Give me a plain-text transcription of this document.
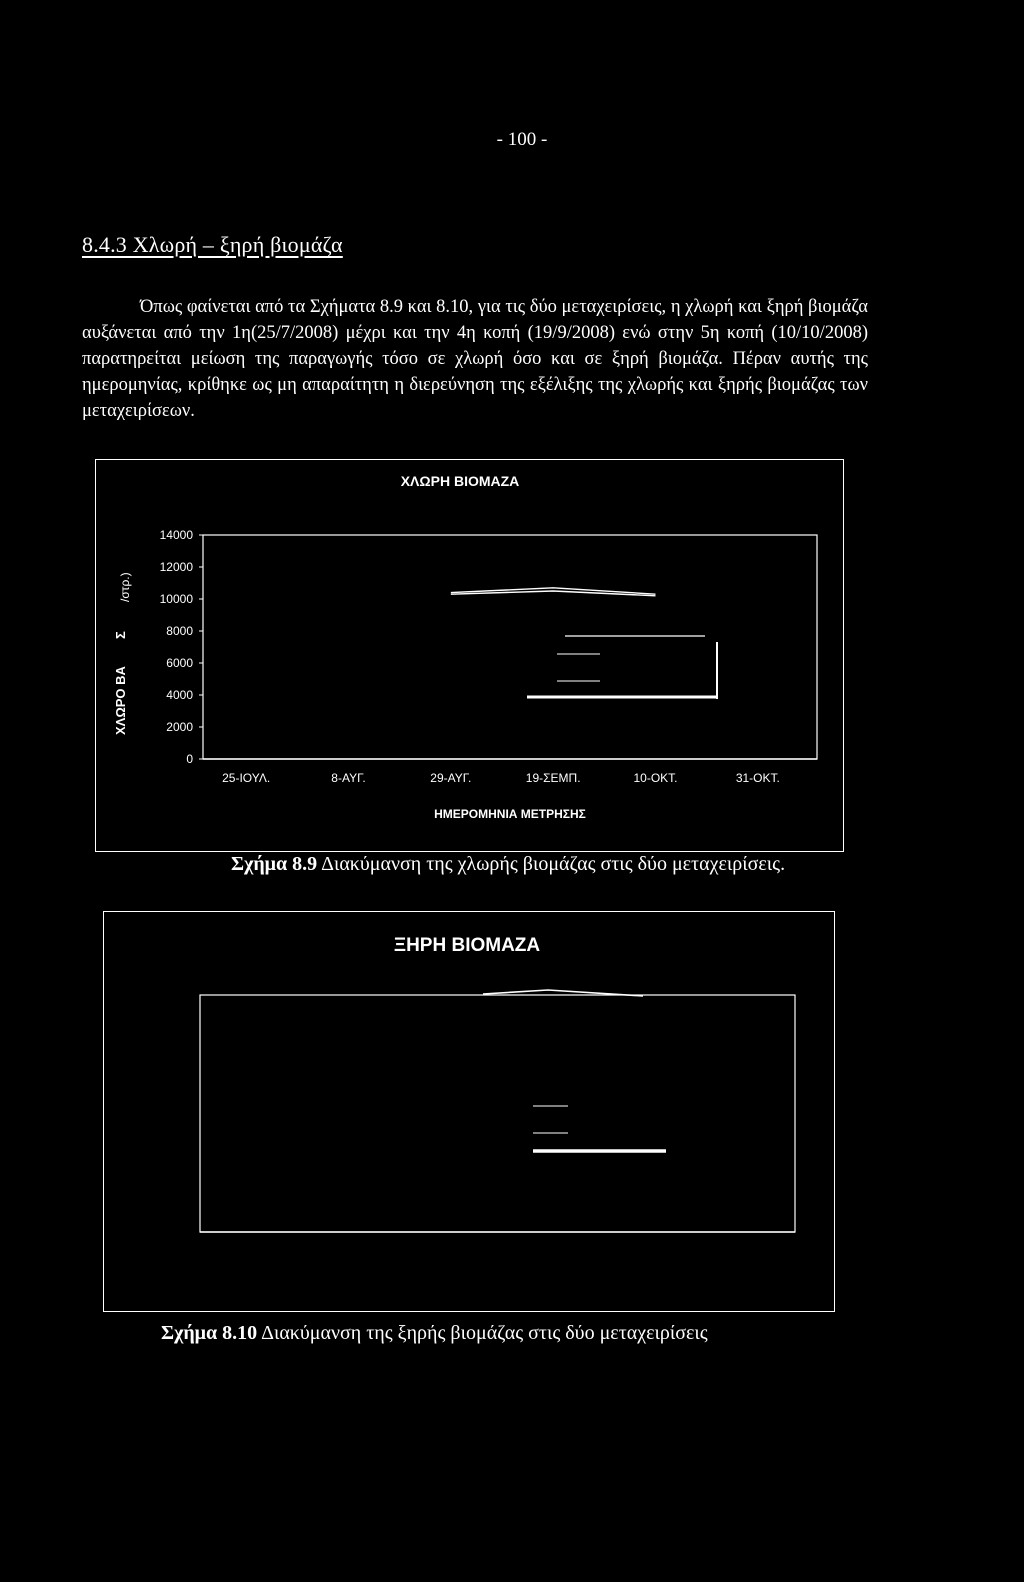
- 100 -
8.4.3 Χλωρή – ξηρή βιομάζα
Όπως φαίνεται από τα Σχήματα 8.9 και 8.10, για τις δύο μεταχειρίσεις, η χλωρή και ξηρή βιομάζα αυξάνεται από την 1η(25/7/2008) μέχρι και την 4η κοπή (19/9/2008) ενώ στην 5η κοπή (10/10/2008) παρατηρείται μείωση της παραγωγής τόσο σε χλωρή όσο και σε ξηρή βιομάζα. Πέραν αυτής της ημερομηνίας, κρίθηκε ως μη απαραίτητη η διερεύνηση της εξέλιξης της χλωρής και ξηρής βιομάζας των μεταχειρίσεων.
ΧΛΩΡΗ ΒΙΟΜΑΖΑ
ΧΛΩΡΟ ΒΑ
Σ
/στρ.)
0
2000
4000
6000
8000
10000
12000
14000
25-ΙΟΥΛ.	8-ΑΥΓ.	29-ΑΥΓ.	19-ΣΕΜΠ.	10-ΟΚΤ.	31-ΟΚΤ.
ΗΜΕΡΟΜΗΝΙΑ ΜΕΤΡΗΣΗΣ
Σχήμα 8.9 Διακύμανση της χλωρής βιομάζας στις δύο μεταχειρίσεις.
ΞΗΡΗ ΒΙΟΜΑΖΑ
Σχήμα 8.10 Διακύμανση της ξηρής βιομάζας στις δύο μεταχειρίσεις
